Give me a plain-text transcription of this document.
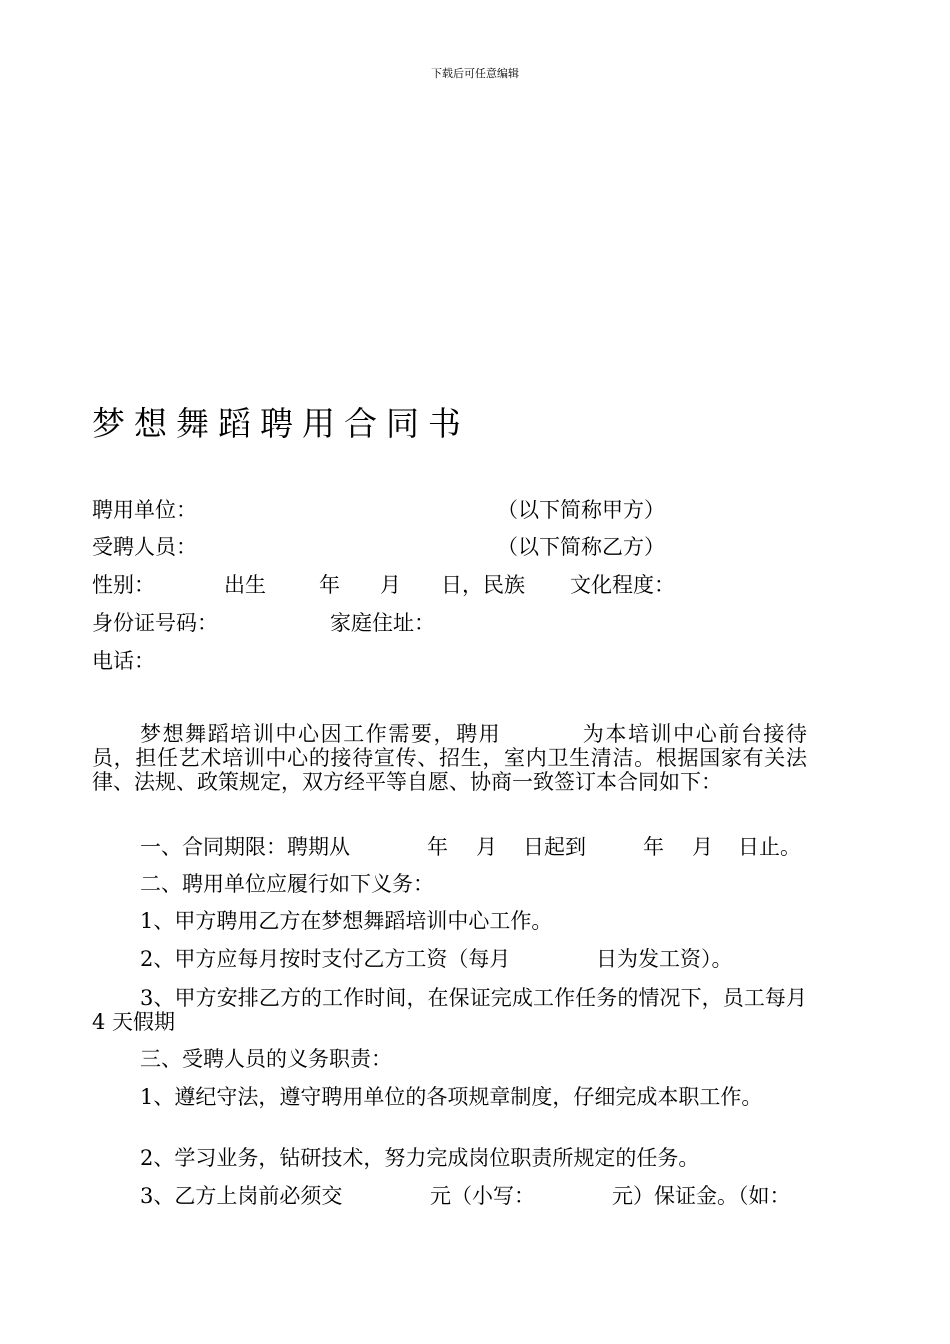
下载后可任意编辑
梦想舞蹈聘用合同书
聘用单位：	（以下简称甲方）
受聘人员：	（以下简称乙方）
性别：	出生	年 月 日，民族 文化程度：
身份证号码：	家庭住址：
电话：
梦想舞蹈培训中心因工作需要，聘用	为本培训中心前台接待员，担任艺术培训中心的接待宣传、招生，室内卫生清洁。根据国家有关法律、法规、政策规定，双方经平等自愿、协商一致签订本合同如下：
一、合同期限：聘期从	年 月 日起到	年 月 日止。
二、聘用单位应履行如下义务：
1、甲方聘用乙方在梦想舞蹈培训中心工作。
2、甲方应每月按时支付乙方工资（每月	日为发工资）。
3、甲方安排乙方的工作时间，在保证完成工作任务的情况下，员工每月 4 天假期
三、受聘人员的义务职责：
1、遵纪守法，遵守聘用单位的各项规章制度，仔细完成本职工作。
2、学习业务，钻研技术，努力完成岗位职责所规定的任务。
3、乙方上岗前必须交	元（小写：	元）保证金。（如：
